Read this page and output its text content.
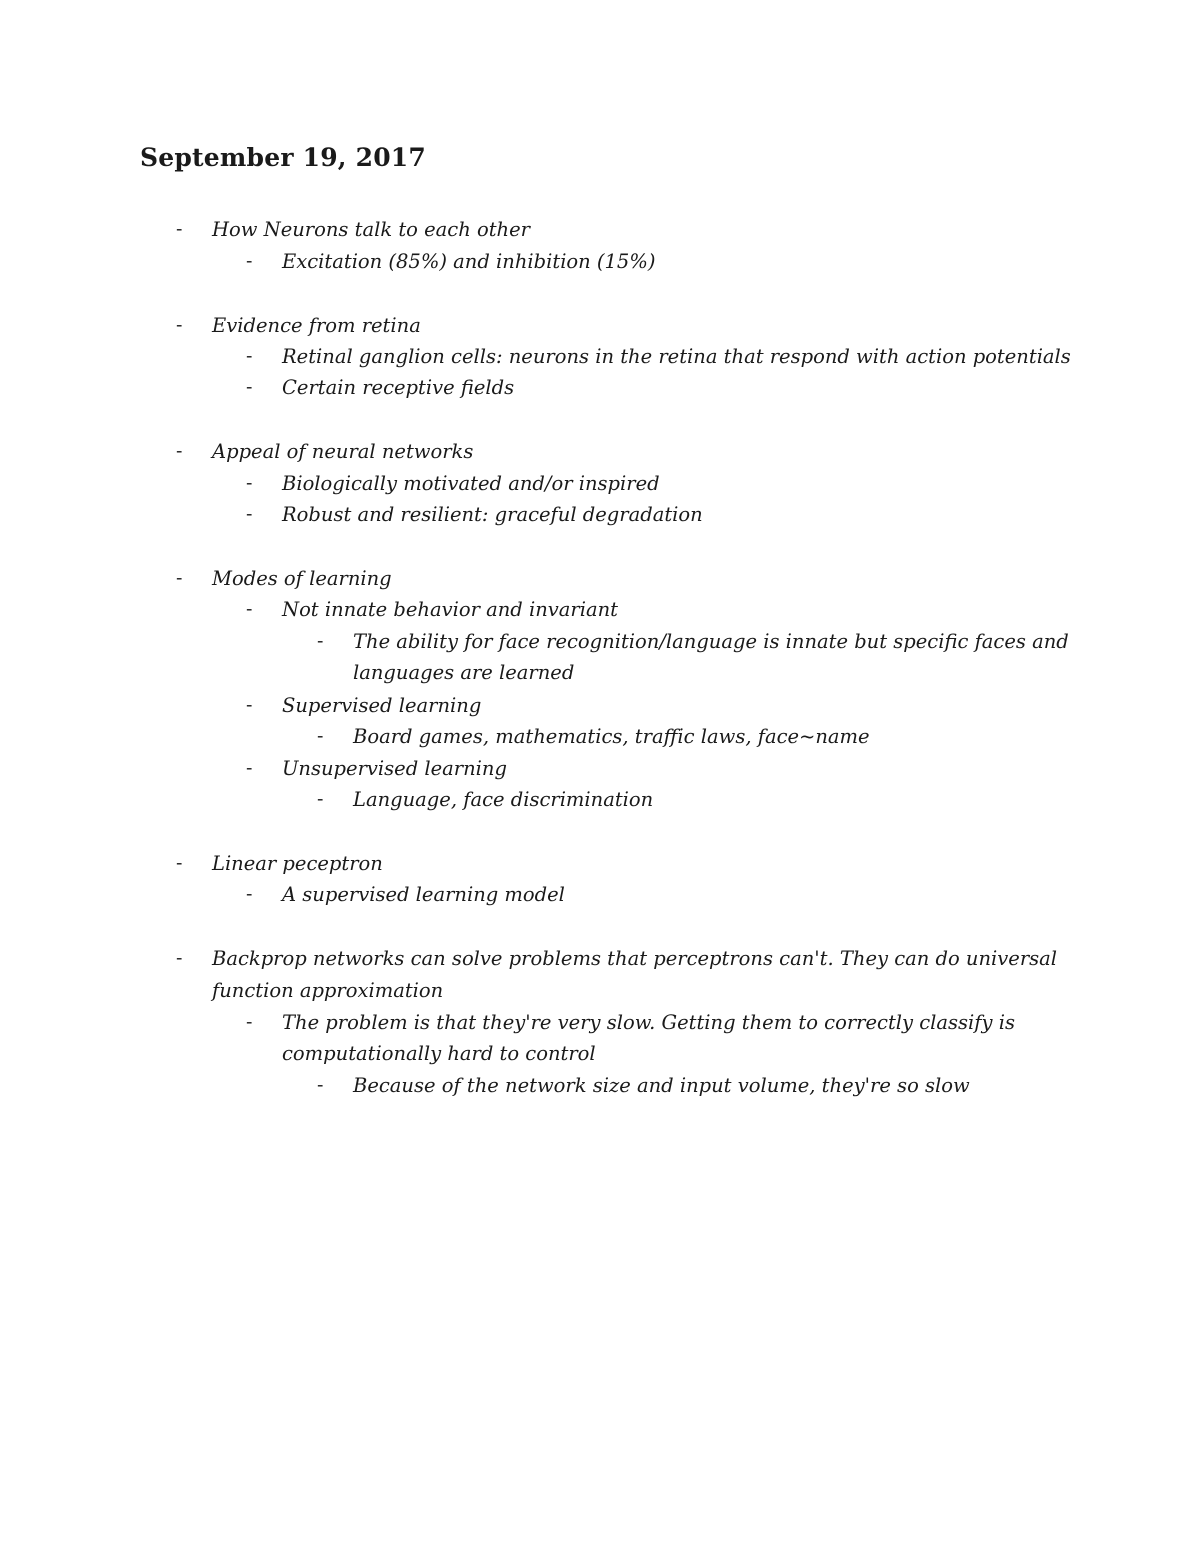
September 19, 2017
- How Neurons talk to each other
- Excitation (85%) and inhibition (15%)
- Evidence from retina
- Retinal ganglion cells: neurons in the retina that respond with action potentials
- Certain receptive fields
- Appeal of neural networks
- Biologically motivated and/or inspired
- Robust and resilient: graceful degradation
- Modes of learning
- Not innate behavior and invariant
- The ability for face recognition/language is innate but specific faces and
languages are learned
- Supervised learning
- Board games, mathematics, traffic laws, face~name
- Unsupervised learning
- Language, face discrimination
- Linear peceptron
- A supervised learning model
- Backprop networks can solve problems that perceptrons can't. They can do universal
function approximation
- The problem is that they're very slow. Getting them to correctly classify is
computationally hard to control
- Because of the network size and input volume, they're so slow
